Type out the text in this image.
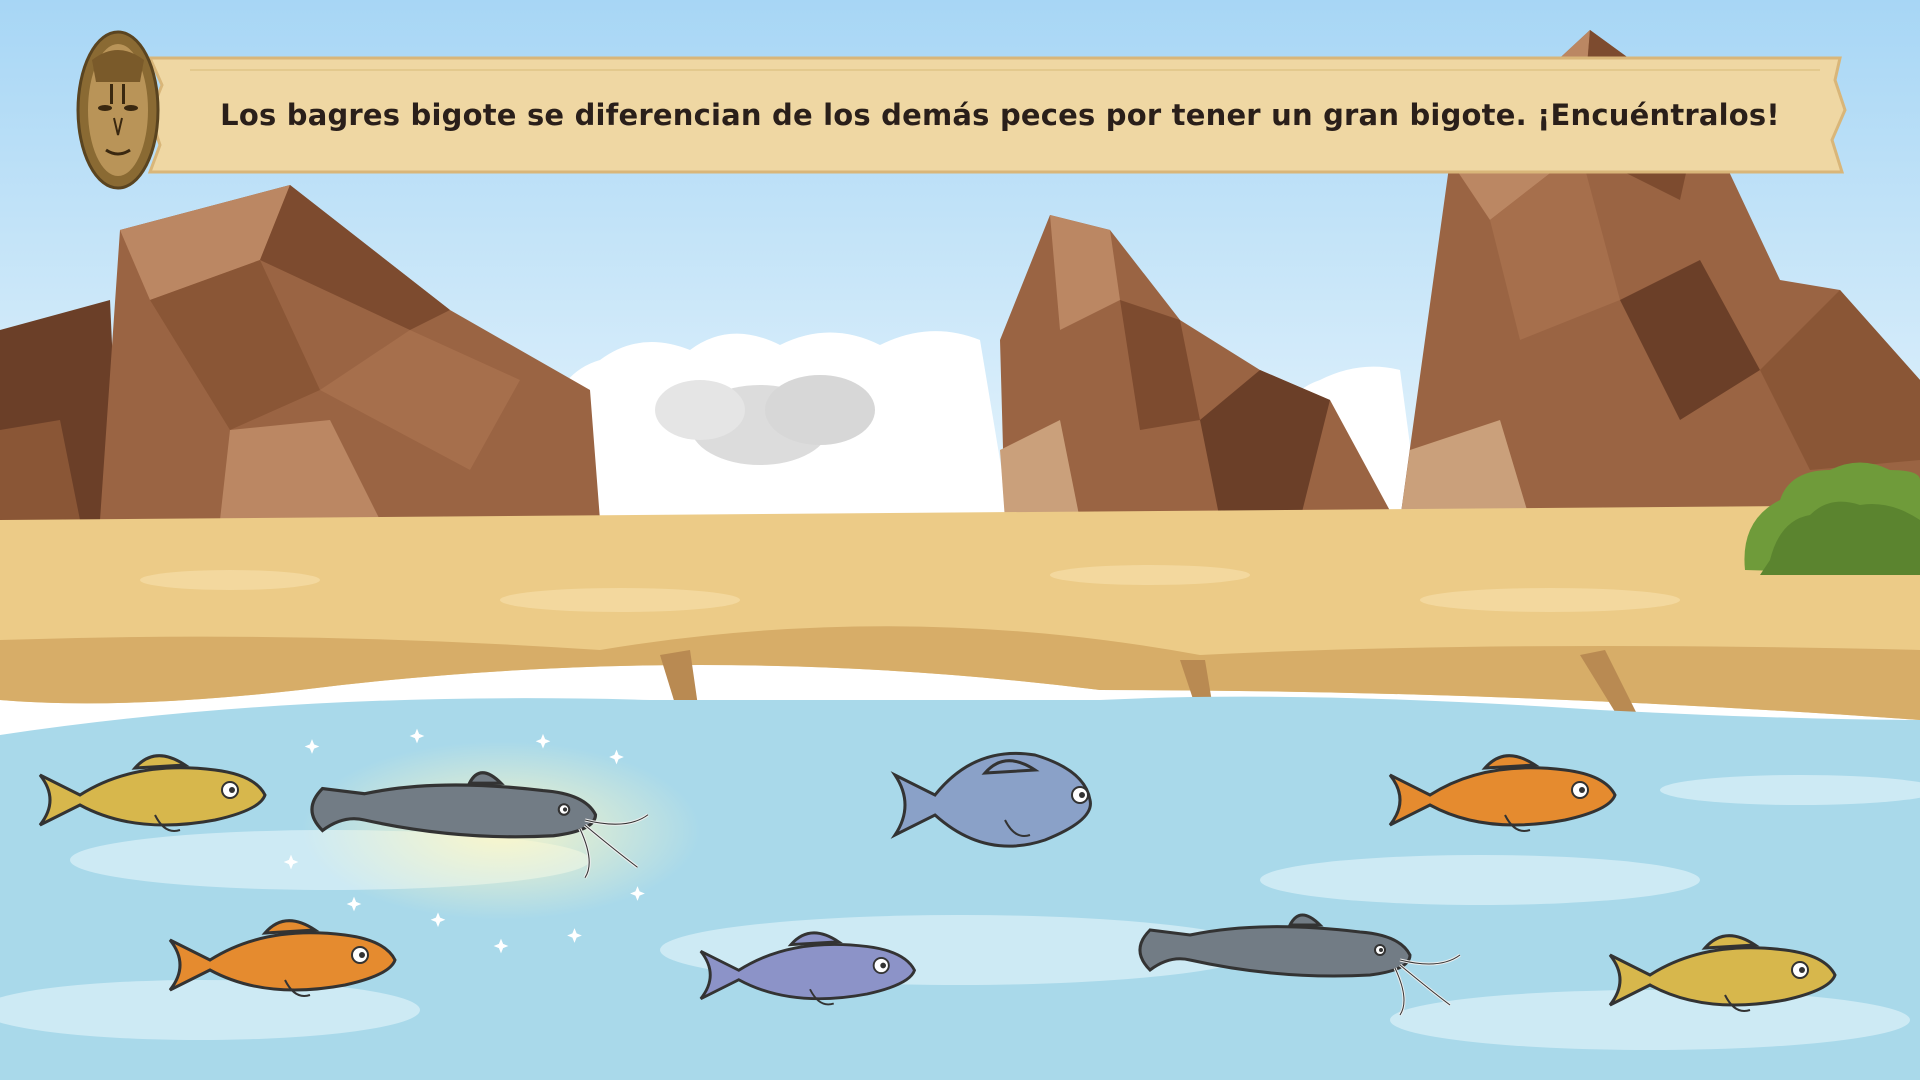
Los bagres bigote se diferencian de los demás peces por tener un gran bigote. ¡Encuéntralos!
